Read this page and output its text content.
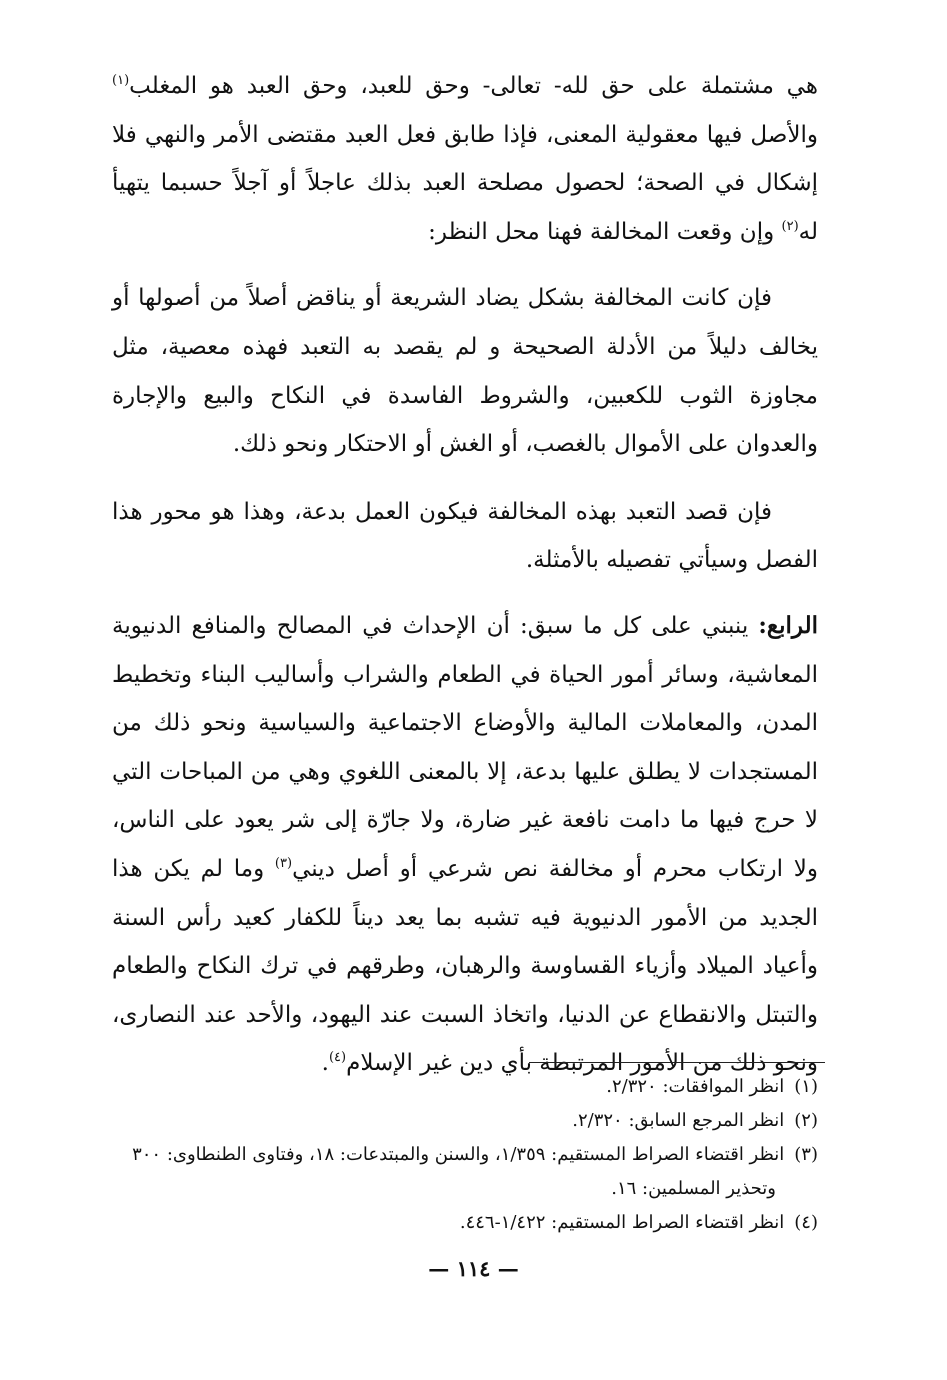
هي مشتملة على حق لله- تعالى- وحق للعبد، وحق العبد هو المغلب$^{(١)}$ والأصل فيها معقولية المعنى، فإذا طابق فعل العبد مقتضى الأمر والنهي فلا إشكال في الصحة؛ لحصول مصلحة العبد بذلك عاجلاً أو آجلاً حسبما يتهيأ له$^{(٢)}$ وإن وقعت المخالفة فهنا محل النظر:

فإن كانت المخالفة بشكل يضاد الشريعة أو يناقض أصلاً من أصولها أو يخالف دليلاً من الأدلة الصحيحة و لم يقصد به التعبد فهذه معصية، مثل مجاوزة الثوب للكعبين، والشروط الفاسدة في النكاح والبيع والإجارة والعدوان على الأموال بالغصب، أو الغش أو الاحتكار ونحو ذلك.

فإن قصد التعبد بهذه المخالفة فيكون العمل بدعة، وهذا هو محور هذا الفصل وسيأتي تفصيله بالأمثلة.

الرابع: ينبني على كل ما سبق: أن الإحداث في المصالح والمنافع الدنيوية المعاشية، وسائر أمور الحياة في الطعام والشراب وأساليب البناء وتخطيط المدن، والمعاملات المالية والأوضاع الاجتماعية والسياسية ونحو ذلك من المستجدات لا يطلق عليها بدعة، إلا بالمعنى اللغوي وهي من المباحات التي لا حرج فيها ما دامت نافعة غير ضارة، ولا جارّة إلى شر يعود على الناس، ولا ارتكاب محرم أو مخالفة نص شرعي أو أصل ديني$^{(٣)}$ وما لم يكن هذا الجديد من الأمور الدنيوية فيه تشبه بما يعد ديناً للكفار كعيد رأس السنة وأعياد الميلاد وأزياء القساوسة والرهبان، وطرقهم في ترك النكاح والطعام والتبتل والانقطاع عن الدنيا، واتخاذ السبت عند اليهود، والأحد عند النصارى، ونحو ذلك من الأمور المرتبطة بأي دين غير الإسلام$^{(٤)}$.

(١)انظر الموافقات: ٢/٣٢٠.

(٢)انظر المرجع السابق: ٢/٣٢٠.

(٣)انظر اقتضاء الصراط المستقيم: ١/٣٥٩، والسنن والمبتدعات: ١٨، وفتاوى الطنطاوى: ٣٠٠
وتحذير المسلمين: ١٦.

(٤)انظر اقتضاء الصراط المستقيم: ١/٤٢٢-٤٤٦.

— ١١٤ —
